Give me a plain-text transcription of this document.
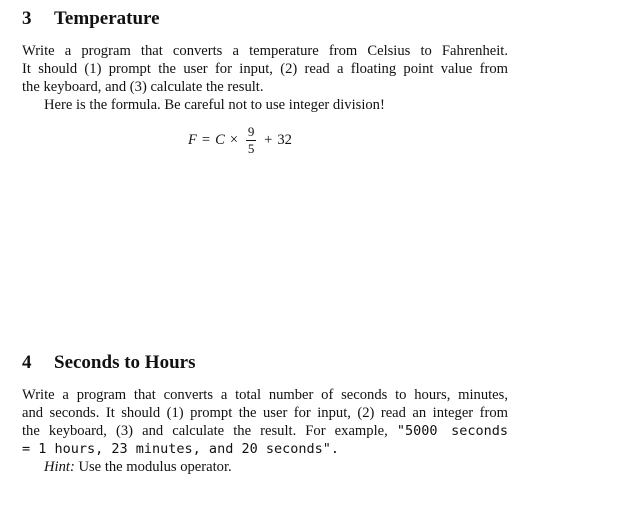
3 Temperature

Write a program that converts a temperature from Celsius to Fahrenheit.
It should (1) prompt the user for input, (2) read a floating point value from
the keyboard, and (3) calculate the result.

Here is the formula. Be careful not to use integer division!

$F = C \times \frac{9}{5} + 32$
4 Seconds to Hours

Write a program that converts a total number of seconds to hours, minutes,
and seconds. It should (1) prompt the user for input, (2) read an integer from
the keyboard, (3) and calculate the result. For example, "5000 seconds
= 1 hours, 23 minutes, and 20 seconds".

Hint: Use the modulus operator.
